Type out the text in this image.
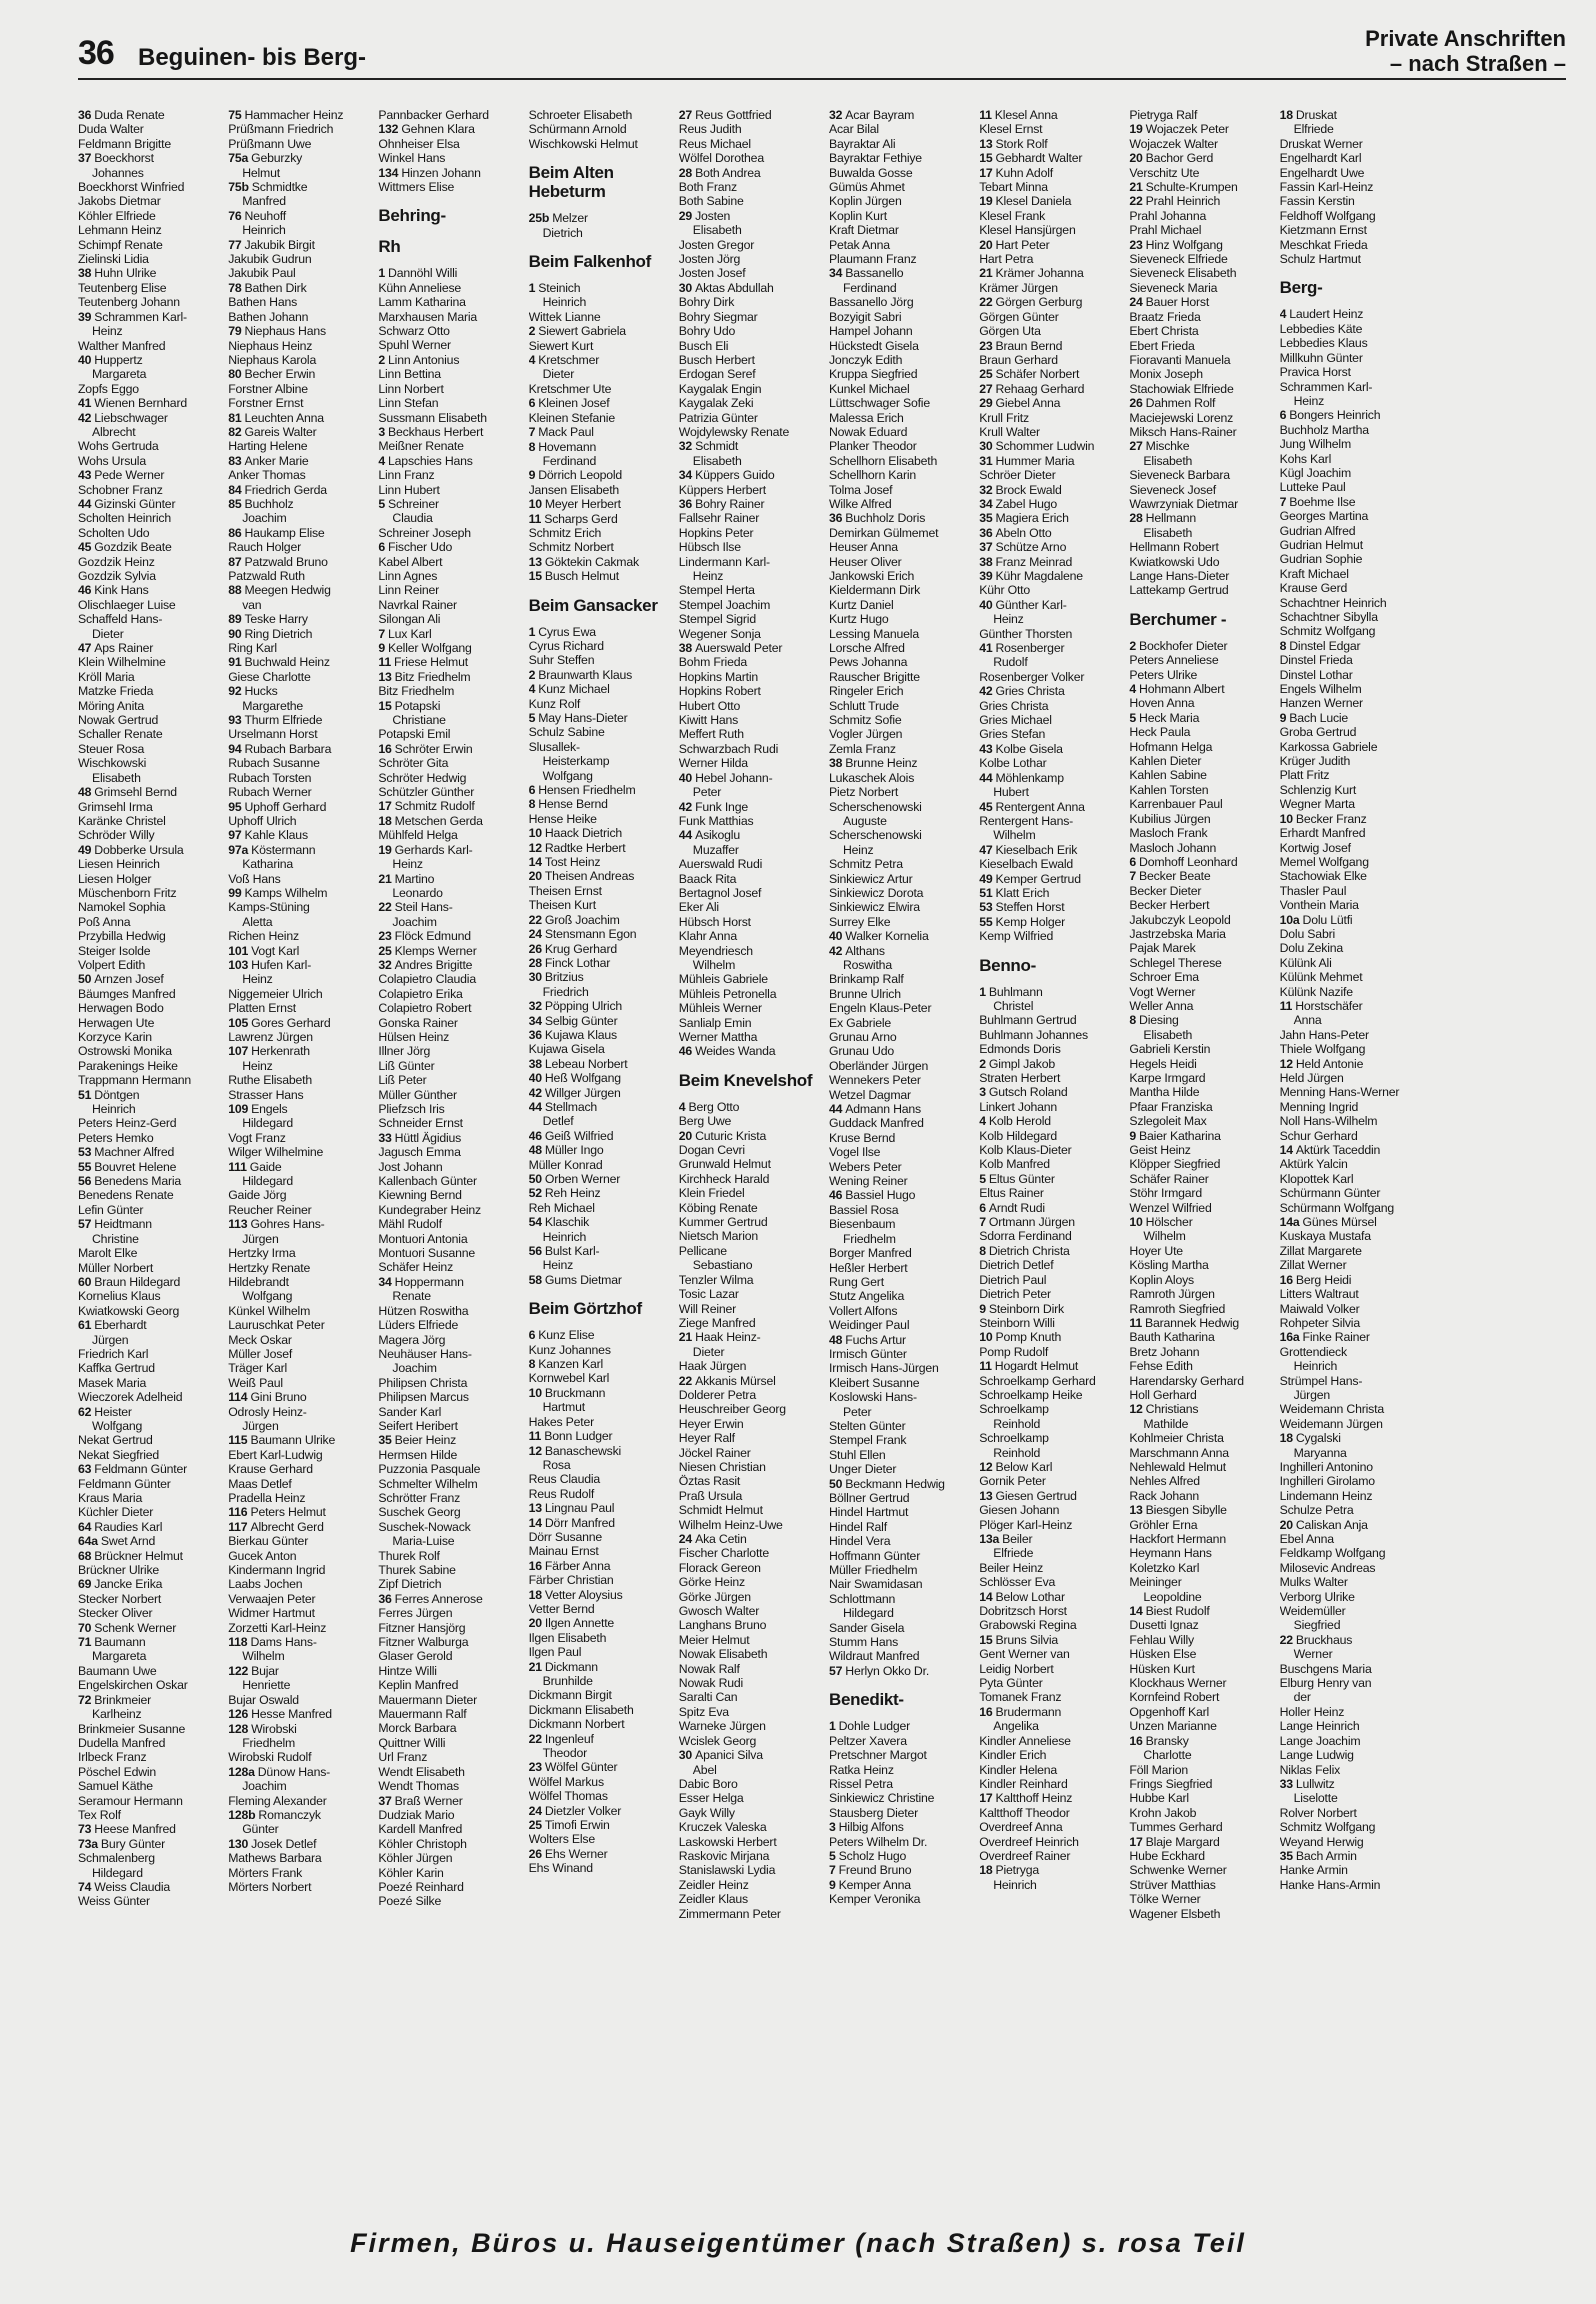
36 Beguinen- bis Berg-
Private Anschriften
– nach Straßen –
36 Duda Renate
Duda Walter
Feldmann Brigitte
37 Boeckhorst
Johannes
Boeckhorst Winfried
Jakobs Dietmar
Köhler Elfriede
Lehmann Heinz
Schimpf Renate
Zielinski Lidia
38 Huhn Ulrike
Teutenberg Elise
Teutenberg Johann
39 Schrammen Karl-
Heinz
Walther Manfred
40 Huppertz
Margareta
Zopfs Eggo
41 Wienen Bernhard
42 Liebschwager
Albrecht
Wohs Gertruda
Wohs Ursula
43 Pede Werner
Schobner Franz
44 Gizinski Günter
Scholten Heinrich
Scholten Udo
45 Gozdzik Beate
Gozdzik Heinz
Gozdzik Sylvia
46 Kink Hans
Olischlaeger Luise
Schaffeld Hans-
Dieter
47 Aps Rainer
Klein Wilhelmine
Kröll Maria
Matzke Frieda
Möring Anita
Nowak Gertrud
Schaller Renate
Steuer Rosa
Wischkowski
Elisabeth
48 Grimsehl Bernd
Grimsehl Irma
Karänke Christel
Schröder Willy
49 Dobberke Ursula
Liesen Heinrich
Liesen Holger
Müschenborn Fritz
Namokel Sophia
Poß Anna
Przybilla Hedwig
Steiger Isolde
Volpert Edith
50 Arnzen Josef
Bäumges Manfred
Herwagen Bodo
Herwagen Ute
Korzyce Karin
Ostrowski Monika
Parakenings Heike
Trappmann Hermann
51 Döntgen
Heinrich
Peters Heinz-Gerd
Peters Hemko
53 Machner Alfred
55 Bouvret Helene
56 Benedens Maria
Benedens Renate
Lefin Günter
57 Heidtmann
Christine
Marolt Elke
Müller Norbert
60 Braun Hildegard
Kornelius Klaus
Kwiatkowski Georg
61 Eberhardt
Jürgen
Friedrich Karl
Kaffka Gertrud
Masek Maria
Wieczorek Adelheid
62 Heister
Wolfgang
Nekat Gertrud
Nekat Siegfried
63 Feldmann Günter
Feldmann Günter
Kraus Maria
Küchler Dieter
64 Raudies Karl
64a Swet Arnd
68 Brückner Helmut
Brückner Ulrike
69 Jancke Erika
Stecker Norbert
Stecker Oliver
70 Schenk Werner
71 Baumann
Margareta
Baumann Uwe
Engelskirchen Oskar
72 Brinkmeier
Karlheinz
Brinkmeier Susanne
Dudella Manfred
Irlbeck Franz
Pöschel Edwin
Samuel Käthe
Seramour Hermann
Tex Rolf
73 Heese Manfred
73a Bury Günter
Schmalenberg
Hildegard
74 Weiss Claudia
Weiss Günter
75 Hammacher Heinz
Prüßmann Friedrich
Prüßmann Uwe
75a Geburzky
Helmut
75b Schmidtke
Manfred
76 Neuhoff
Heinrich
77 Jakubik Birgit
Jakubik Gudrun
Jakubik Paul
78 Bathen Dirk
Bathen Hans
Bathen Johann
79 Niephaus Hans
Niephaus Heinz
Niephaus Karola
80 Becher Erwin
Forstner Albine
Forstner Ernst
81 Leuchten Anna
82 Gareis Walter
Harting Helene
83 Anker Marie
Anker Thomas
84 Friedrich Gerda
85 Buchholz
Joachim
86 Haukamp Elise
Rauch Holger
87 Patzwald Bruno
Patzwald Ruth
88 Meegen Hedwig
van
89 Teske Harry
90 Ring Dietrich
Ring Karl
91 Buchwald Heinz
Giese Charlotte
92 Hucks
Margarethe
93 Thurm Elfriede
Urselmann Horst
94 Rubach Barbara
Rubach Susanne
Rubach Torsten
Rubach Werner
95 Uphoff Gerhard
Uphoff Ulrich
97 Kahle Klaus
97a Köstermann
Katharina
Voß Hans
99 Kamps Wilhelm
Kamps-Stüning
Aletta
Richen Heinz
101 Vogt Karl
103 Hufen Karl-
Heinz
Niggemeier Ulrich
Platten Ernst
105 Gores Gerhard
Lawrenz Jürgen
107 Herkenrath
Heinz
Ruthe Elisabeth
Strasser Hans
109 Engels
Hildegard
Vogt Franz
Wilger Wilhelmine
111 Gaide
Hildegard
Gaide Jörg
Reucher Reiner
113 Gohres Hans-
Jürgen
Hertzky Irma
Hertzky Renate
Hildebrandt
Wolfgang
Künkel Wilhelm
Lauruschkat Peter
Meck Oskar
Müller Josef
Träger Karl
Weiß Paul
114 Gini Bruno
Odrosly Heinz-
Jürgen
115 Baumann Ulrike
Ebert Karl-Ludwig
Krause Gerhard
Maas Detlef
Pradella Heinz
116 Peters Helmut
117 Albrecht Gerd
Bierkau Günter
Gucek Anton
Kindermann Ingrid
Laabs Jochen
Verwaajen Peter
Widmer Hartmut
Zorzetti Karl-Heinz
118 Dams Hans-
Wilhelm
122 Bujar
Henriette
Bujar Oswald
126 Hesse Manfred
128 Wirobski
Friedhelm
Wirobski Rudolf
128a Dünow Hans-
Joachim
Fleming Alexander
128b Romanczyk
Günter
130 Josek Detlef
Mathews Barbara
Mörters Frank
Mörters Norbert
Pannbacker Gerhard
132 Gehnen Klara
Ohnheiser Elsa
Winkel Hans
134 Hinzen Johann
Wittmers Elise
Behring-
Rh
1 Dannöhl Willi
Kühn Anneliese
Lamm Katharina
Marxhausen Maria
Schwarz Otto
Spuhl Werner
2 Linn Antonius
Linn Bettina
Linn Norbert
Linn Stefan
Sussmann Elisabeth
3 Beckhaus Herbert
Meißner Renate
4 Lapschies Hans
Linn Franz
Linn Hubert
5 Schreiner
Claudia
Schreiner Joseph
6 Fischer Udo
Kabel Albert
Linn Agnes
Linn Reiner
Navrkal Rainer
Silongan Ali
7 Lux Karl
9 Keller Wolfgang
11 Friese Helmut
13 Bitz Friedhelm
Bitz Friedhelm
15 Potapski
Christiane
Potapski Emil
16 Schröter Erwin
Schröter Gita
Schröter Hedwig
Schützler Günther
17 Schmitz Rudolf
18 Metschen Gerda
Mühlfeld Helga
19 Gerhards Karl-
Heinz
21 Martino
Leonardo
22 Steil Hans-
Joachim
23 Flöck Edmund
25 Klemps Werner
32 Andres Brigitte
Colapietro Claudia
Colapietro Erika
Colapietro Robert
Gonska Rainer
Hülsen Heinz
Illner Jörg
Liß Günter
Liß Peter
Müller Günther
Pliefzsch Iris
Schneider Ernst
33 Hüttl Ägidius
Jagusch Emma
Jost Johann
Kallenbach Günter
Kiewning Bernd
Kundegraber Heinz
Mähl Rudolf
Montuori Antonia
Montuori Susanne
Schäfer Heinz
34 Hoppermann
Renate
Hützen Roswitha
Lüders Elfriede
Magera Jörg
Neuhäuser Hans-
Joachim
Philipsen Christa
Philipsen Marcus
Sander Karl
Seifert Heribert
35 Beier Heinz
Hermsen Hilde
Puzzonia Pasquale
Schmelter Wilhelm
Schrötter Franz
Suschek Georg
Suschek-Nowack
Maria-Luise
Thurek Rolf
Thurek Sabine
Zipf Dietrich
36 Ferres Annerose
Ferres Jürgen
Fitzner Hansjörg
Fitzner Walburga
Glaser Gerold
Hintze Willi
Keplin Manfred
Mauermann Dieter
Mauermann Ralf
Morck Barbara
Quittner Willi
Url Franz
Wendt Elisabeth
Wendt Thomas
37 Braß Werner
Dudziak Mario
Kardell Manfred
Köhler Christoph
Köhler Jürgen
Köhler Karin
Poezé Reinhard
Poezé Silke
Schroeter Elisabeth
Schürmann Arnold
Wischkowski Helmut
Beim Alten Hebeturm
25b Melzer
Dietrich
Beim Falkenhof
1 Steinich
Heinrich
Wittek Lianne
2 Siewert Gabriela
Siewert Kurt
4 Kretschmer
Dieter
Kretschmer Ute
6 Kleinen Josef
Kleinen Stefanie
7 Mack Paul
8 Hovemann
Ferdinand
9 Dörrich Leopold
Jansen Elisabeth
10 Meyer Herbert
11 Scharps Gerd
Schmitz Erich
Schmitz Norbert
13 Göktekin Cakmak
15 Busch Helmut
Beim Gansacker
1 Cyrus Ewa
Cyrus Richard
Suhr Steffen
2 Braunwarth Klaus
4 Kunz Michael
Kunz Rolf
5 May Hans-Dieter
Schulz Sabine
Slusallek-
Heisterkamp
Wolfgang
6 Hensen Friedhelm
8 Hense Bernd
Hense Heike
10 Haack Dietrich
12 Radtke Herbert
14 Tost Heinz
20 Theisen Andreas
Theisen Ernst
Theisen Kurt
22 Groß Joachim
24 Stensmann Egon
26 Krug Gerhard
28 Finck Lothar
30 Britzius
Friedrich
32 Pöpping Ulrich
34 Selbig Günter
36 Kujawa Klaus
Kujawa Gisela
38 Lebeau Norbert
40 Heß Wolfgang
42 Willger Jürgen
44 Stellmach
Detlef
46 Geiß Wilfried
48 Müller Ingo
Müller Konrad
50 Orben Werner
52 Reh Heinz
Reh Michael
54 Klaschik
Heinrich
56 Bulst Karl-
Heinz
58 Gums Dietmar
Beim Görtzhof
6 Kunz Elise
Kunz Johannes
8 Kanzen Karl
Kornwebel Karl
10 Bruckmann
Hartmut
Hakes Peter
11 Bonn Ludger
12 Banaschewski
Rosa
Reus Claudia
Reus Rudolf
13 Lingnau Paul
14 Dörr Manfred
Dörr Susanne
Mainau Ernst
16 Färber Anna
Färber Christian
18 Vetter Aloysius
Vetter Bernd
20 Ilgen Annette
Ilgen Elisabeth
Ilgen Paul
21 Dickmann
Brunhilde
Dickmann Birgit
Dickmann Elisabeth
Dickmann Norbert
22 Ingenleuf
Theodor
23 Wölfel Günter
Wölfel Markus
Wölfel Thomas
24 Dietzler Volker
25 Timofi Erwin
Wolters Else
26 Ehs Werner
Ehs Winand
27 Reus Gottfried
Reus Judith
Reus Michael
Wölfel Dorothea
28 Both Andrea
Both Franz
Both Sabine
29 Josten
Elisabeth
Josten Gregor
Josten Jörg
Josten Josef
30 Aktas Abdullah
Bohry Dirk
Bohry Siegmar
Bohry Udo
Busch Eli
Busch Herbert
Erdogan Seref
Kaygalak Engin
Kaygalak Zeki
Patrizia Günter
Wojdylewsky Renate
32 Schmidt
Elisabeth
34 Küppers Guido
Küppers Herbert
36 Bohry Rainer
Fallsehr Rainer
Hopkins Peter
Hübsch Ilse
Lindermann Karl-
Heinz
Stempel Herta
Stempel Joachim
Stempel Sigrid
Wegener Sonja
38 Auerswald Peter
Bohm Frieda
Hopkins Martin
Hopkins Robert
Hubert Otto
Kiwitt Hans
Meffert Ruth
Schwarzbach Rudi
Werner Hilda
40 Hebel Johann-
Peter
42 Funk Inge
Funk Matthias
44 Asikoglu
Muzaffer
Auerswald Rudi
Baack Rita
Bertagnol Josef
Eker Ali
Hübsch Horst
Klahr Anna
Meyendriesch
Wilhelm
Mühleis Gabriele
Mühleis Petronella
Mühleis Werner
Sanlialp Emin
Werner Mattha
46 Weides Wanda
Beim Knevelshof
4 Berg Otto
Berg Uwe
20 Cuturic Krista
Dogan Cevri
Grunwald Helmut
Kirchheck Harald
Klein Friedel
Köbing Renate
Kummer Gertrud
Nietsch Marion
Pellicane
Sebastiano
Tenzler Wilma
Tosic Lazar
Will Reiner
Ziege Manfred
21 Haak Heinz-
Dieter
Haak Jürgen
22 Akkanis Mürsel
Dolderer Petra
Heuschreiber Georg
Heyer Erwin
Heyer Ralf
Jöckel Rainer
Niesen Christian
Öztas Rasit
Praß Ursula
Schmidt Helmut
Wilhelm Heinz-Uwe
24 Aka Cetin
Fischer Charlotte
Florack Gereon
Görke Heinz
Görke Jürgen
Gwosch Walter
Langhans Bruno
Meier Helmut
Nowak Elisabeth
Nowak Ralf
Nowak Rudi
Saralti Can
Spitz Eva
Warneke Jürgen
Wcislek Georg
30 Apanici Silva
Abel
Dabic Boro
Esser Helga
Gayk Willy
Kruczek Valeska
Laskowski Herbert
Raskovic Mirjana
Stanislawski Lydia
Zeidler Heinz
Zeidler Klaus
Zimmermann Peter
32 Acar Bayram
Acar Bilal
Bayraktar Ali
Bayraktar Fethiye
Buwalda Gosse
Gümüs Ahmet
Koplin Jürgen
Koplin Kurt
Kraft Dietmar
Petak Anna
Plaumann Franz
34 Bassanello
Ferdinand
Bassanello Jörg
Bozyigit Sabri
Hampel Johann
Hückstedt Gisela
Jonczyk Edith
Kruppa Siegfried
Kunkel Michael
Lüttschwager Sofie
Malessa Erich
Nowak Eduard
Planker Theodor
Schellhorn Elisabeth
Schellhorn Karin
Tolma Josef
Wilke Alfred
36 Buchholz Doris
Demirkan Gülmemet
Heuser Anna
Heuser Oliver
Jankowski Erich
Kieldermann Dirk
Kurtz Daniel
Kurtz Hugo
Lessing Manuela
Lorsche Alfred
Pews Johanna
Rauscher Brigitte
Ringeler Erich
Schlutt Trude
Schmitz Sofie
Vogler Jürgen
Zemla Franz
38 Brunne Heinz
Lukaschek Alois
Pietz Norbert
Scherschenowski
Auguste
Scherschenowski
Heinz
Schmitz Petra
Sinkiewicz Artur
Sinkiewicz Dorota
Sinkiewicz Elwira
Surrey Elke
40 Walker Kornelia
42 Althans
Roswitha
Brinkamp Ralf
Brunne Ulrich
Engeln Klaus-Peter
Ex Gabriele
Grunau Arno
Grunau Udo
Oberländer Jürgen
Wennekers Peter
Wetzel Dagmar
44 Admann Hans
Guddack Manfred
Kruse Bernd
Vogel Ilse
Webers Peter
Wening Reiner
46 Bassiel Hugo
Bassiel Rosa
Biesenbaum
Friedhelm
Borger Manfred
Heßler Herbert
Rung Gert
Stutz Angelika
Vollert Alfons
Weidinger Paul
48 Fuchs Artur
Irmisch Günter
Irmisch Hans-Jürgen
Kleibert Susanne
Koslowski Hans-
Peter
Stelten Günter
Stempel Frank
Stuhl Ellen
Unger Dieter
50 Beckmann Hedwig
Böllner Gertrud
Hindel Hartmut
Hindel Ralf
Hindel Vera
Hoffmann Günter
Müller Friedhelm
Nair Swamidasan
Schlottmann
Hildegard
Sander Gisela
Stumm Hans
Wildraut Manfred
57 Herlyn Okko Dr.
Benedikt-
1 Dohle Ludger
Peltzer Xavera
Pretschner Margot
Ratka Heinz
Rissel Petra
Sinkiewicz Christine
Stausberg Dieter
3 Hilbig Alfons
Peters Wilhelm Dr.
5 Scholz Hugo
7 Freund Bruno
9 Kemper Anna
Kemper Veronika
11 Klesel Anna
Klesel Ernst
13 Stork Rolf
15 Gebhardt Walter
17 Kuhn Adolf
Tebart Minna
19 Klesel Daniela
Klesel Frank
Klesel Hansjürgen
20 Hart Peter
Hart Petra
21 Krämer Johanna
Krämer Jürgen
22 Görgen Gerburg
Görgen Günter
Görgen Uta
23 Braun Bernd
Braun Gerhard
25 Schäfer Norbert
27 Rehaag Gerhard
29 Giebel Anna
Krull Fritz
Krull Walter
30 Schommer Ludwin
31 Hummer Maria
Schröer Dieter
32 Brock Ewald
34 Zabel Hugo
35 Magiera Erich
36 Abeln Otto
37 Schütze Arno
38 Franz Meinrad
39 Kühr Magdalene
Kühr Otto
40 Günther Karl-
Heinz
Günther Thorsten
41 Rosenberger
Rudolf
Rosenberger Volker
42 Gries Christa
Gries Christa
Gries Michael
Gries Stefan
43 Kolbe Gisela
Kolbe Lothar
44 Möhlenkamp
Hubert
45 Rentergent Anna
Rentergent Hans-
Wilhelm
47 Kieselbach Erik
Kieselbach Ewald
49 Kemper Gertrud
51 Klatt Erich
53 Steffen Horst
55 Kemp Holger
Kemp Wilfried
Benno-
1 Buhlmann
Christel
Buhlmann Gertrud
Buhlmann Johannes
Edmonds Doris
2 Gimpl Jakob
Straten Herbert
3 Gutsch Roland
Linkert Johann
4 Kolb Herold
Kolb Hildegard
Kolb Klaus-Dieter
Kolb Manfred
5 Eltus Günter
Eltus Rainer
6 Arndt Rudi
7 Ortmann Jürgen
Sdorra Ferdinand
8 Dietrich Christa
Dietrich Detlef
Dietrich Paul
Dietrich Peter
9 Steinborn Dirk
Steinborn Willi
10 Pomp Knuth
Pomp Rudolf
11 Hogardt Helmut
Schroelkamp Gerhard
Schroelkamp Heike
Schroelkamp
Reinhold
Schroelkamp
Reinhold
12 Below Karl
Gornik Peter
13 Giesen Gertrud
Giesen Johann
Plöger Karl-Heinz
13a Beiler
Elfriede
Beiler Heinz
Schlösser Eva
14 Below Lothar
Dobritzsch Horst
Grabowski Regina
15 Bruns Silvia
Gent Werner van
Leidig Norbert
Pyta Günter
Tomanek Franz
16 Brudermann
Angelika
Kindler Anneliese
Kindler Erich
Kindler Helena
Kindler Reinhard
17 Kaltthoff Heinz
Kaltthoff Theodor
Overdreef Anna
Overdreef Heinrich
Overdreef Rainer
18 Pietryga
Heinrich
Pietryga Ralf
19 Wojaczek Peter
Wojaczek Walter
20 Bachor Gerd
Verschitz Ute
21 Schulte-Krumpen
22 Prahl Heinrich
Prahl Johanna
Prahl Michael
23 Hinz Wolfgang
Sieveneck Elfriede
Sieveneck Elisabeth
Sieveneck Maria
24 Bauer Horst
Braatz Frieda
Ebert Christa
Ebert Frieda
Fioravanti Manuela
Monix Joseph
Stachowiak Elfriede
26 Dahmen Rolf
Maciejewski Lorenz
Miksch Hans-Rainer
27 Mischke
Elisabeth
Sieveneck Barbara
Sieveneck Josef
Wawrzyniak Dietmar
28 Hellmann
Elisabeth
Hellmann Robert
Kwiatkowski Udo
Lange Hans-Dieter
Lattekamp Gertrud
Berchumer -
2 Bockhofer Dieter
Peters Anneliese
Peters Ulrike
4 Hohmann Albert
Hoven Anna
5 Heck Maria
Heck Paula
Hofmann Helga
Kahlen Dieter
Kahlen Sabine
Kahlen Torsten
Karrenbauer Paul
Kubilius Jürgen
Masloch Frank
Masloch Johann
6 Domhoff Leonhard
7 Becker Beate
Becker Dieter
Becker Herbert
Jakubczyk Leopold
Jastrzebska Maria
Pajak Marek
Schlegel Therese
Schroer Ema
Vogt Werner
Weller Anna
8 Diesing
Elisabeth
Gabrieli Kerstin
Hegels Heidi
Karpe Irmgard
Mantha Hilde
Pfaar Franziska
Szlegoleit Max
9 Baier Katharina
Geist Heinz
Klöpper Siegfried
Schäfer Rainer
Stöhr Irmgard
Wenzel Wilfried
10 Hölscher
Wilhelm
Hoyer Ute
Kösling Martha
Koplin Aloys
Ramroth Jürgen
Ramroth Siegfried
11 Barannek Hedwig
Bauth Katharina
Bretz Johann
Fehse Edith
Harendarsky Gerhard
Holl Gerhard
12 Christians
Mathilde
Kohlmeier Christa
Marschmann Anna
Nehlewald Helmut
Nehles Alfred
Rack Johann
13 Biesgen Sibylle
Gröhler Erna
Hackfort Hermann
Heymann Hans
Koletzko Karl
Meininger
Leopoldine
14 Biest Rudolf
Dusetti Ignaz
Fehlau Willy
Hüsken Else
Hüsken Kurt
Klockhaus Werner
Kornfeind Robert
Opgenhoff Karl
Unzen Marianne
16 Bransky
Charlotte
Föll Marion
Frings Siegfried
Hubbe Karl
Krohn Jakob
Tummes Gerhard
17 Blaje Margard
Hube Eckhard
Schwenke Werner
Strüver Matthias
Tölke Werner
Wagener Elsbeth
18 Druskat
Elfriede
Druskat Werner
Engelhardt Karl
Engelhardt Uwe
Fassin Karl-Heinz
Fassin Kerstin
Feldhoff Wolfgang
Kietzmann Ernst
Meschkat Frieda
Schulz Hartmut
Berg-
4 Laudert Heinz
Lebbedies Käte
Lebbedies Klaus
Millkuhn Günter
Pravica Horst
Schrammen Karl-
Heinz
6 Bongers Heinrich
Buchholz Martha
Jung Wilhelm
Kohs Karl
Kügl Joachim
Lutteke Paul
7 Boehme Ilse
Georges Martina
Gudrian Alfred
Gudrian Helmut
Gudrian Sophie
Kraft Michael
Krause Gerd
Schachtner Heinrich
Schachtner Sibylla
Schmitz Wolfgang
8 Dinstel Edgar
Dinstel Frieda
Dinstel Lothar
Engels Wilhelm
Hanzen Werner
9 Bach Lucie
Groba Gertrud
Karkossa Gabriele
Krüger Judith
Platt Fritz
Schlenzig Kurt
Wegner Marta
10 Becker Franz
Erhardt Manfred
Kortwig Josef
Memel Wolfgang
Stachowiak Elke
Thasler Paul
Vonthein Maria
10a Dolu Lütfi
Dolu Sabri
Dolu Zekina
Külünk Ali
Külünk Mehmet
Külünk Nazife
11 Horstschäfer
Anna
Jahn Hans-Peter
Thiele Wolfgang
12 Held Antonie
Held Jürgen
Menning Hans-Werner
Menning Ingrid
Noll Hans-Wilhelm
Schur Gerhard
14 Aktürk Taceddin
Aktürk Yalcin
Klopottek Karl
Schürmann Günter
Schürmann Wolfgang
14a Günes Mürsel
Kuskaya Mustafa
Zillat Margarete
Zillat Werner
16 Berg Heidi
Litters Waltraut
Maiwald Volker
Rohpeter Silvia
16a Finke Rainer
Grottendieck
Heinrich
Strümpel Hans-
Jürgen
Weidemann Christa
Weidemann Jürgen
18 Cygalski
Maryanna
Inghilleri Antonino
Inghilleri Girolamo
Lindemann Heinz
Schulze Petra
20 Caliskan Anja
Ebel Anna
Feldkamp Wolfgang
Milosevic Andreas
Mulks Walter
Verborg Ulrike
Weidemüller
Siegfried
22 Bruckhaus
Werner
Buschgens Maria
Elburg Henry van
der
Holler Heinz
Lange Heinrich
Lange Joachim
Lange Ludwig
Niklas Felix
33 Lullwitz
Liselotte
Rolver Norbert
Schmitz Wolfgang
Weyand Herwig
35 Bach Armin
Hanke Armin
Hanke Hans-Armin
Firmen, Büros u. Hauseigentümer (nach Straßen) s. rosa Teil
